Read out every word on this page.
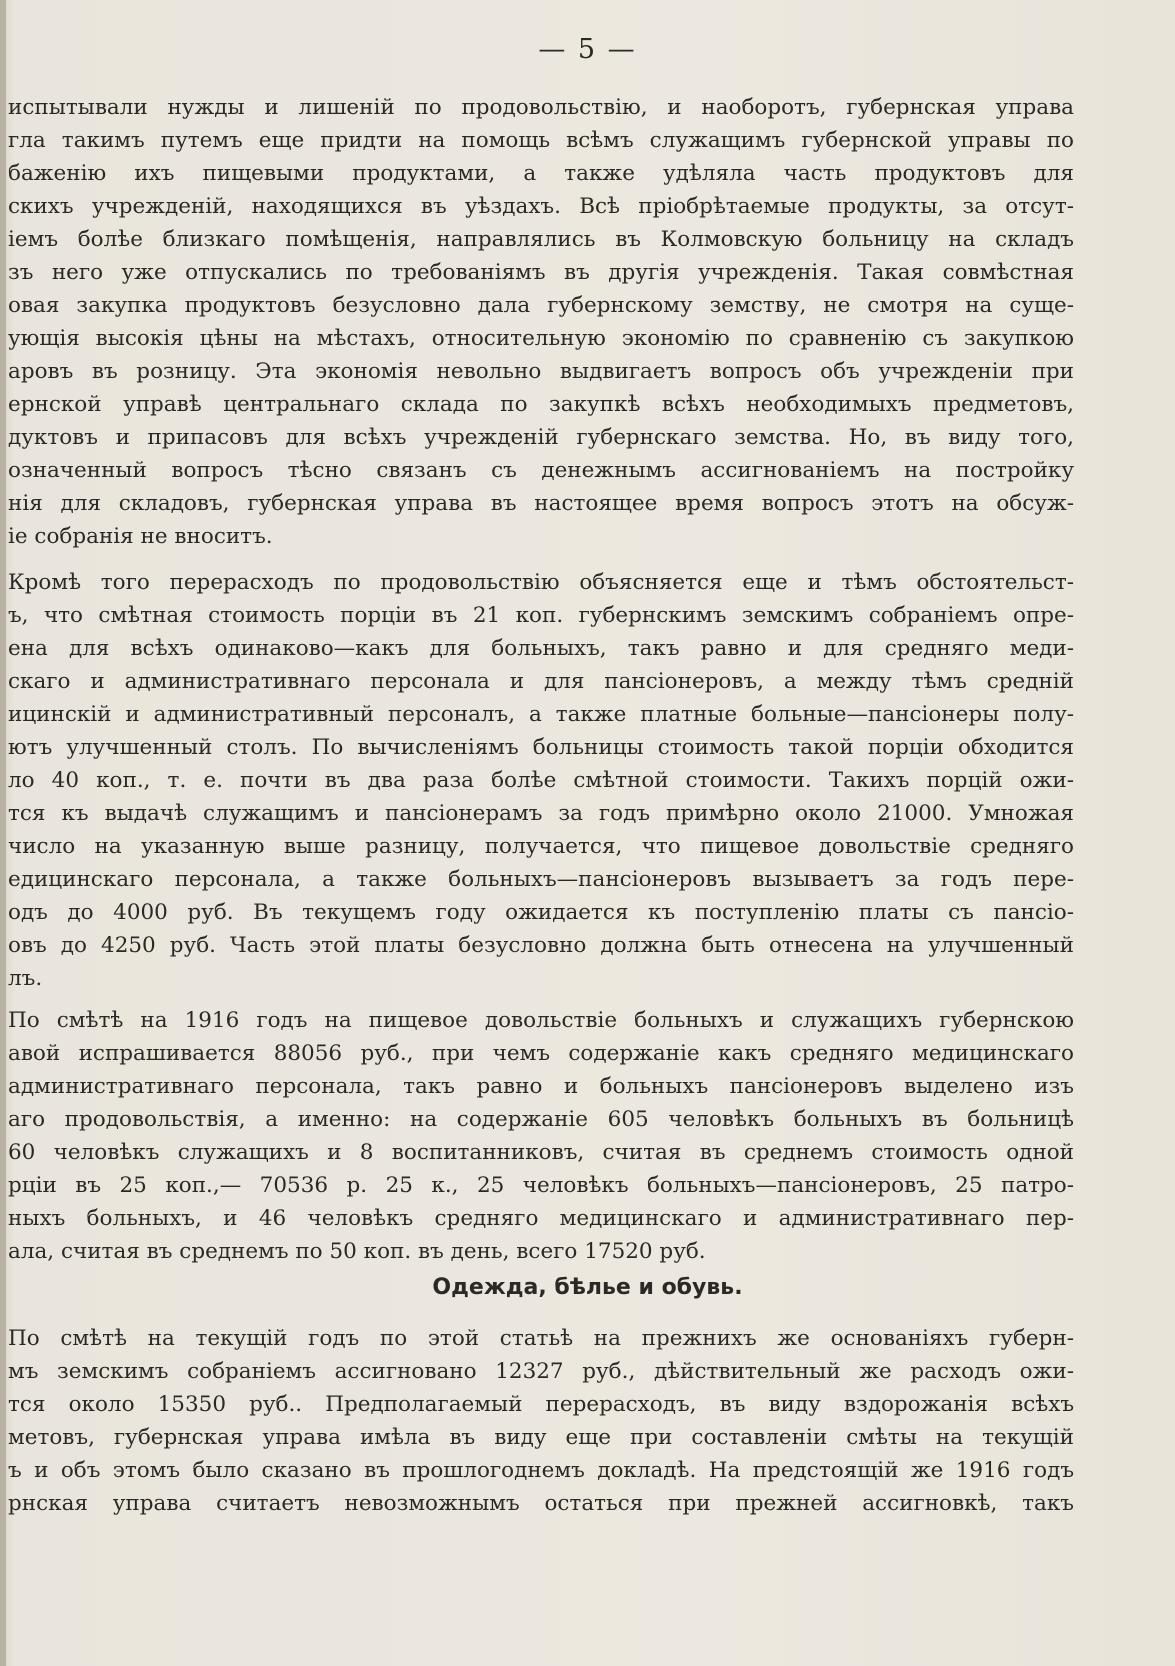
— 5 —
испытывали нужды и лишеній по продовольствію, и наоборотъ, губернская управа
гла такимъ путемъ еще придти на помощь всѣмъ служащимъ губернской управы по
баженію ихъ пищевыми продуктами, а также удѣляла часть продуктовъ для
скихъ учрежденій, находящихся въ уѣздахъ. Всѣ пріобрѣтаемые продукты, за отсут-
іемъ болѣе близкаго помѣщенія, направлялись въ Колмовскую больницу на складъ
зъ него уже отпускались по требованіямъ въ другія учрежденія. Такая совмѣстная
овая закупка продуктовъ безусловно дала губернскому земству, не смотря на суще-
ующія высокія цѣны на мѣстахъ, относительную экономію по сравненію съ закупкою
аровъ въ розницу. Эта экономія невольно выдвигаетъ вопросъ объ учрежденіи при
ернской управѣ центральнаго склада по закупкѣ всѣхъ необходимыхъ предметовъ,
дуктовъ и припасовъ для всѣхъ учрежденій губернскаго земства. Но, въ виду того,
означенный вопросъ тѣсно связанъ съ денежнымъ ассигнованіемъ на постройку
нія для складовъ, губернская управа въ настоящее время вопросъ этотъ на обсуж-
іе собранія не вноситъ.
Кромѣ того перерасходъ по продовольствію объясняется еще и тѣмъ обстоятельст-
ъ, что смѣтная стоимость порціи въ 21 коп. губернскимъ земскимъ собраніемъ опре-
ена для всѣхъ одинаково—какъ для больныхъ, такъ равно и для средняго меди-
скаго и административнаго персонала и для пансіонеровъ, а между тѣмъ средній
ицинскій и административный персоналъ, а также платные больные—пансіонеры полу-
ютъ улучшенный столъ. По вычисленіямъ больницы стоимость такой порціи обходится
ло 40 коп., т. е. почти въ два раза болѣе смѣтной стоимости. Такихъ порцій ожи-
тся къ выдачѣ служащимъ и пансіонерамъ за годъ примѣрно около 21000. Умножая
число на указанную выше разницу, получается, что пищевое довольствіе средняго
едицинскаго персонала, а также больныхъ—пансіонеровъ вызываетъ за годъ пере-
одъ до 4000 руб. Въ текущемъ году ожидается къ поступленію платы съ пансіо-
овъ до 4250 руб. Часть этой платы безусловно должна быть отнесена на улучшенный
лъ.
По смѣтѣ на 1916 годъ на пищевое довольствіе больныхъ и служащихъ губернскою
авой испрашивается 88056 руб., при чемъ содержаніе какъ средняго медицинскаго
административнаго персонала, такъ равно и больныхъ пансіонеровъ выделено изъ
аго продовольствія, а именно: на содержаніе 605 человѣкъ больныхъ въ больницѣ
60 человѣкъ служащихъ и 8 воспитанниковъ, считая въ среднемъ стоимость одной
рціи въ 25 коп.,— 70536 р. 25 к., 25 человѣкъ больныхъ—пансіонеровъ, 25 патро-
ныхъ больныхъ, и 46 человѣкъ средняго медицинскаго и административнаго пер-
ала, считая въ среднемъ по 50 коп. въ день, всего 17520 руб.
Одежда, бѣлье и обувь.
По смѣтѣ на текущій годъ по этой статьѣ на прежнихъ же основаніяхъ губерн-
мъ земскимъ собраніемъ ассигновано 12327 руб., дѣйствительный же расходъ ожи-
тся около 15350 руб.. Предполагаемый перерасходъ, въ виду вздорожанія всѣхъ
метовъ, губернская управа имѣла въ виду еще при составленіи смѣты на текущій
ъ и объ этомъ было сказано въ прошлогоднемъ докладѣ. На предстоящій же 1916 годъ
рнская управа считаетъ невозможнымъ остаться при прежней ассигновкѣ, такъ
